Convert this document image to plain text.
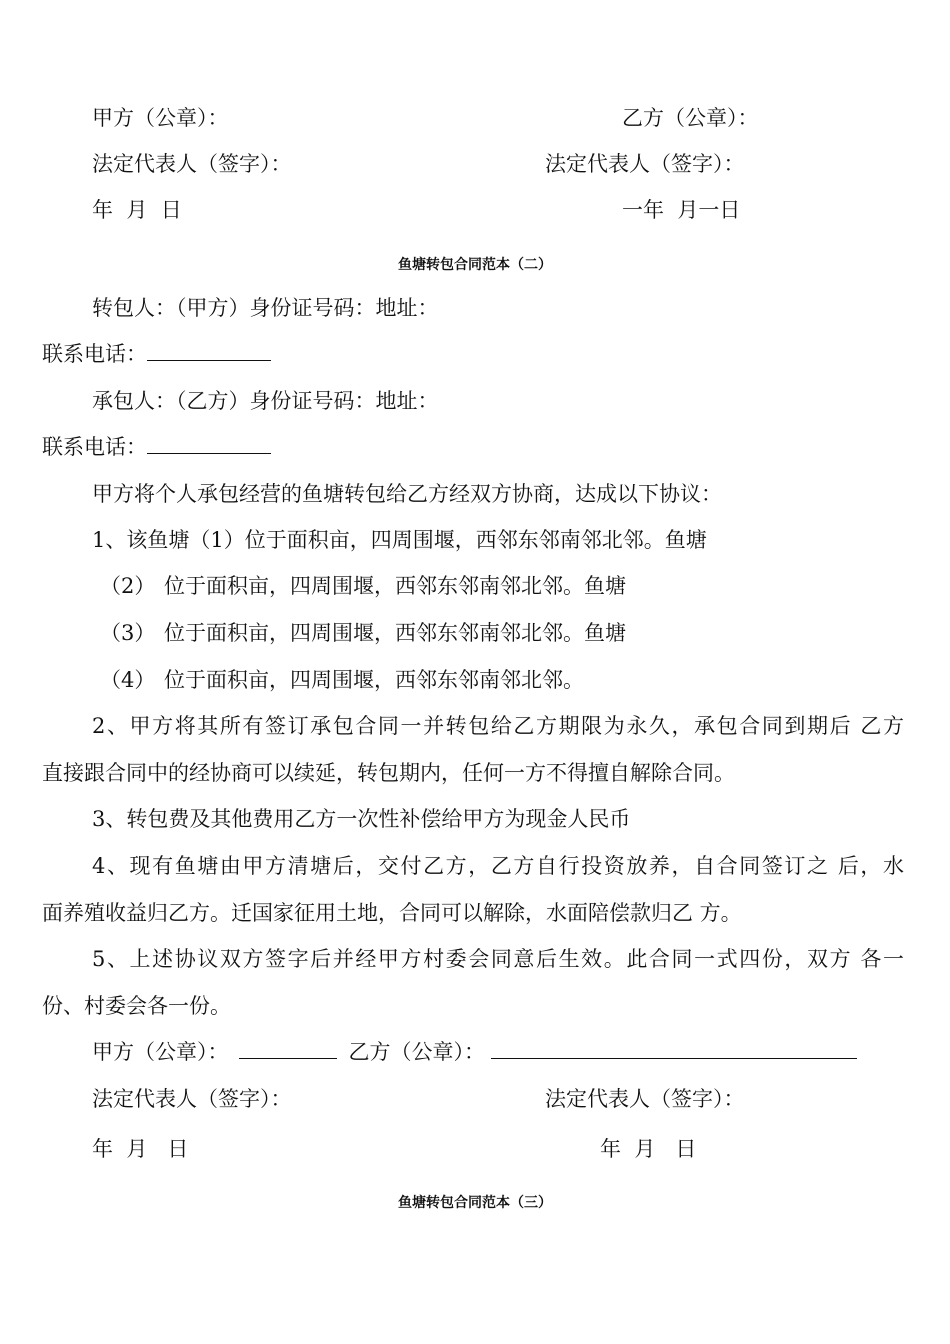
甲方（公章）：	乙方（公章）：
法定代表人（签字）：	法定代表人（签字）：
年  月  日	一年  月一日
鱼塘转包合同范本（二）
转包人：（甲方）身份证号码：地址：
联系电话：
承包人：（乙方）身份证号码：地址：
联系电话：
甲方将个人承包经营的鱼塘转包给乙方经双方协商，达成以下协议：
1、该鱼塘（1）位于面积亩，四周围堰，西邻东邻南邻北邻。鱼塘
（2） 位于面积亩，四周围堰，西邻东邻南邻北邻。鱼塘
（3） 位于面积亩，四周围堰，西邻东邻南邻北邻。鱼塘
（4） 位于面积亩，四周围堰，西邻东邻南邻北邻。
2、甲方将其所有签订承包合同一并转包给乙方期限为永久，承包合同到期后 乙方
直接跟合同中的经协商可以续延，转包期内，任何一方不得擅自解除合同。
3、转包费及其他费用乙方一次性补偿给甲方为现金人民币
4、现有鱼塘由甲方清塘后，交付乙方，乙方自行投资放养，自合同签订之 后，水
面养殖收益归乙方。迁国家征用土地，合同可以解除，水面陪偿款归乙 方。
5、上述协议双方签字后并经甲方村委会同意后生效。此合同一式四份，双方 各一
份、村委会各一份。
甲方（公章）：	乙方（公章）：
法定代表人（签字）：	法定代表人（签字）：
年  月   日	年  月   日
鱼塘转包合同范本（三）
